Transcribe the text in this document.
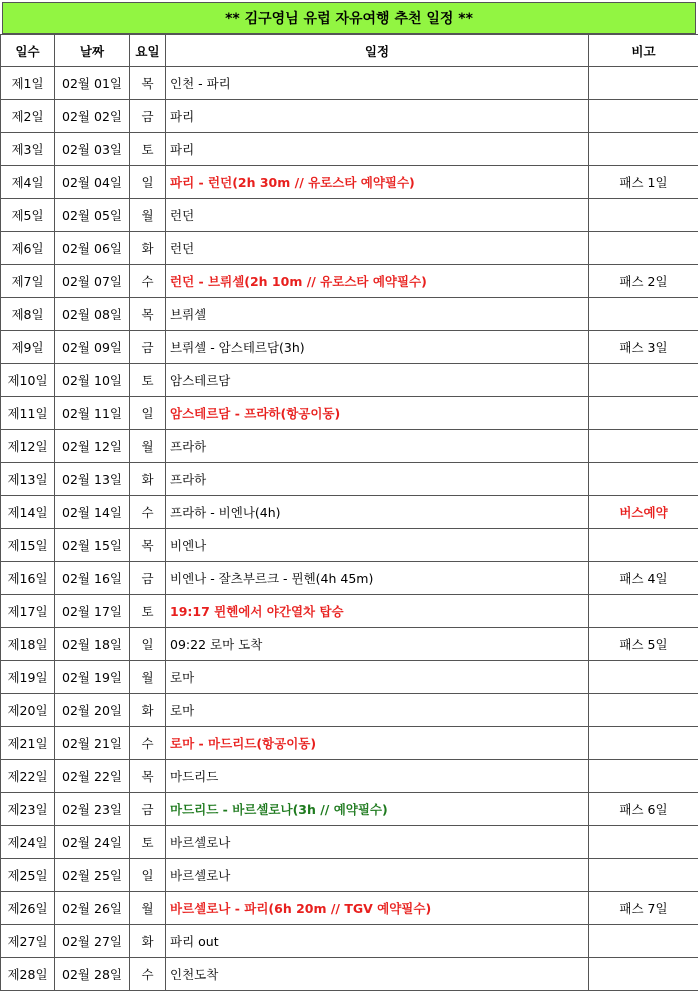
** 김구영님 유럽 자유여행 추천 일정 **
일수	날짜	요일	일정	비고
제1일	02월 01일	목	인천 - 파리	
제2일	02월 02일	금	파리	
제3일	02월 03일	토	파리	
제4일	02월 04일	일	파리 - 런던(2h 30m // 유로스타 예약필수)	패스 1일
제5일	02월 05일	월	런던	
제6일	02월 06일	화	런던	
제7일	02월 07일	수	런던 - 브뤼셀(2h 10m // 유로스타 예약필수)	패스 2일
제8일	02월 08일	목	브뤼셀	
제9일	02월 09일	금	브뤼셀 - 암스테르담(3h)	패스 3일
제10일	02월 10일	토	암스테르담	
제11일	02월 11일	일	암스테르담 - 프라하(항공이동)	
제12일	02월 12일	월	프라하	
제13일	02월 13일	화	프라하	
제14일	02월 14일	수	프라하 - 비엔나(4h)	버스예약
제15일	02월 15일	목	비엔나	
제16일	02월 16일	금	비엔나 - 잘츠부르크 - 뮌헨(4h 45m)	패스 4일
제17일	02월 17일	토	19:17 뮌헨에서 야간열차 탑승	
제18일	02월 18일	일	09:22 로마 도착	패스 5일
제19일	02월 19일	월	로마	
제20일	02월 20일	화	로마	
제21일	02월 21일	수	로마 - 마드리드(항공이동)	
제22일	02월 22일	목	마드리드	
제23일	02월 23일	금	마드리드 - 바르셀로나(3h // 예약필수)	패스 6일
제24일	02월 24일	토	바르셀로나	
제25일	02월 25일	일	바르셀로나	
제26일	02월 26일	월	바르셀로나 - 파리(6h 20m // TGV 예약필수)	패스 7일
제27일	02월 27일	화	파리 out	
제28일	02월 28일	수	인천도착	
